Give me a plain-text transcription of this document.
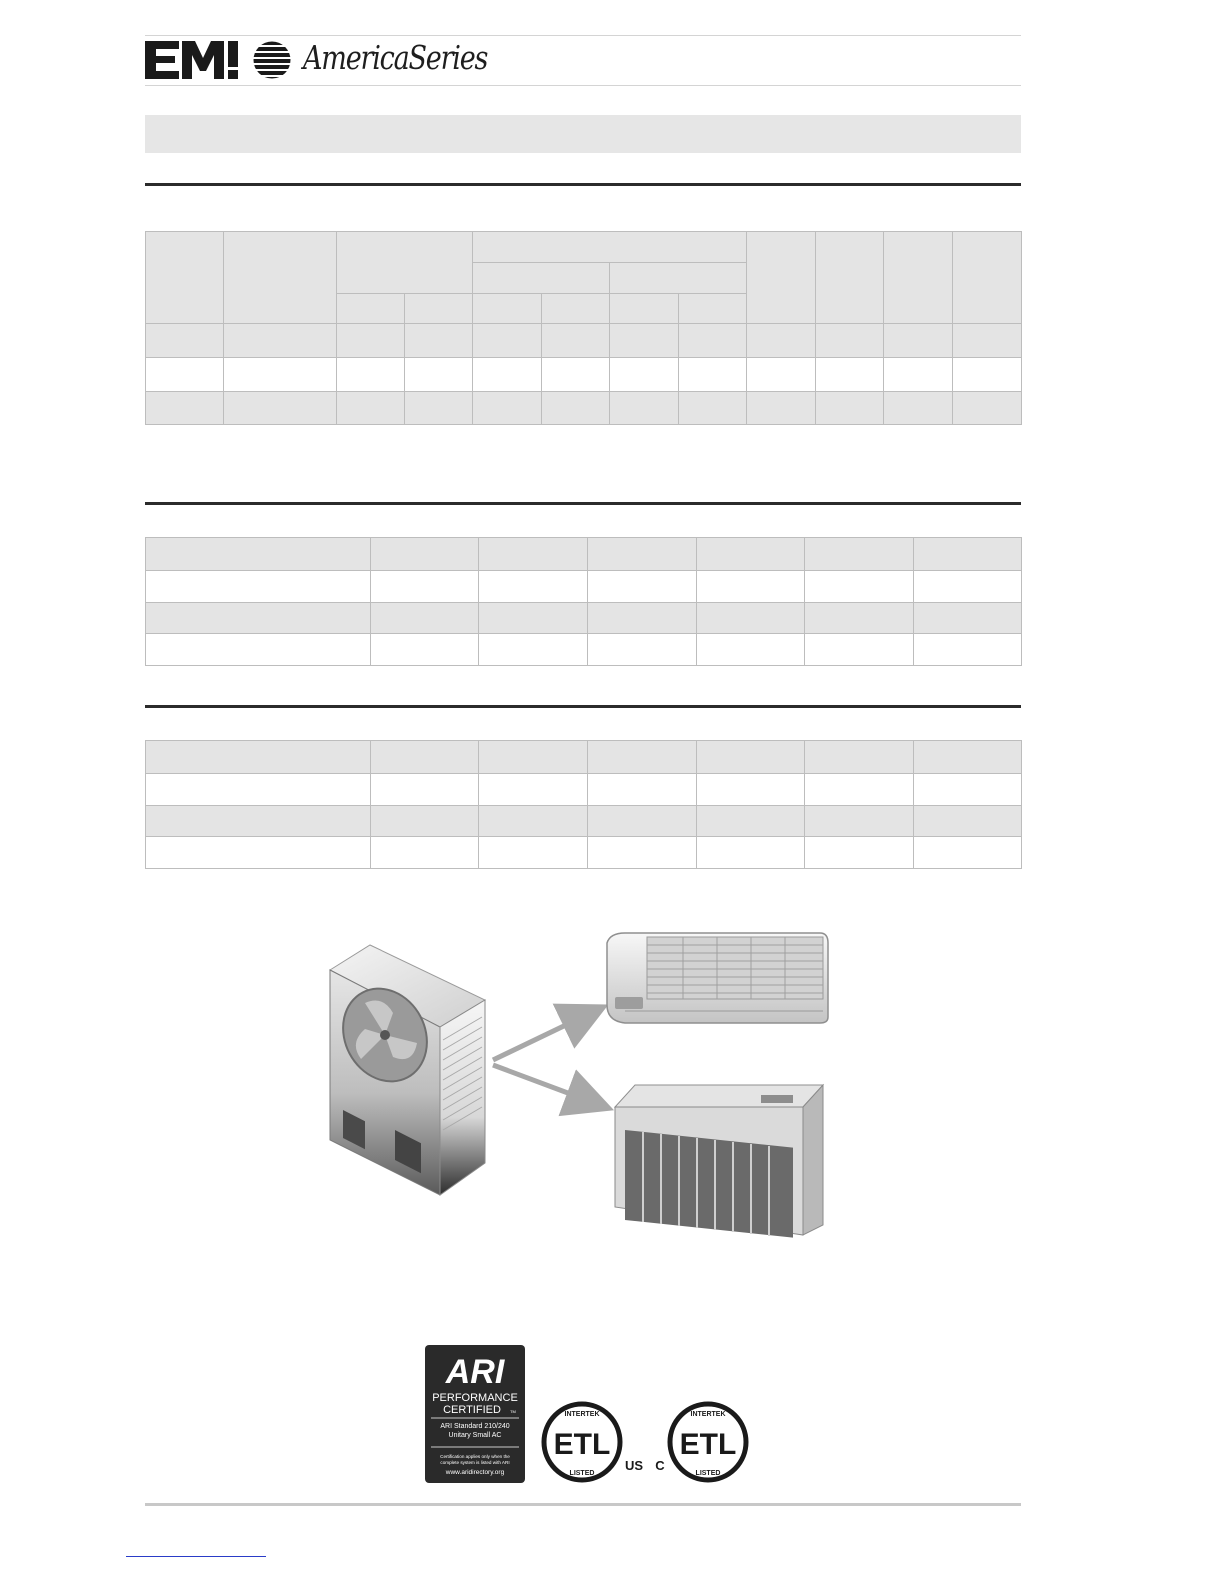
AmericaSeries

ARI
PERFORMANCE
CERTIFIED TM
ARI Standard 210/240
Unitary Small AC
Certification applies only when the
complete system is listed with ARI
www.aridirectory.org
INTERTEK
ETL
LISTED
US C
INTERTEK
ETL
LISTED
